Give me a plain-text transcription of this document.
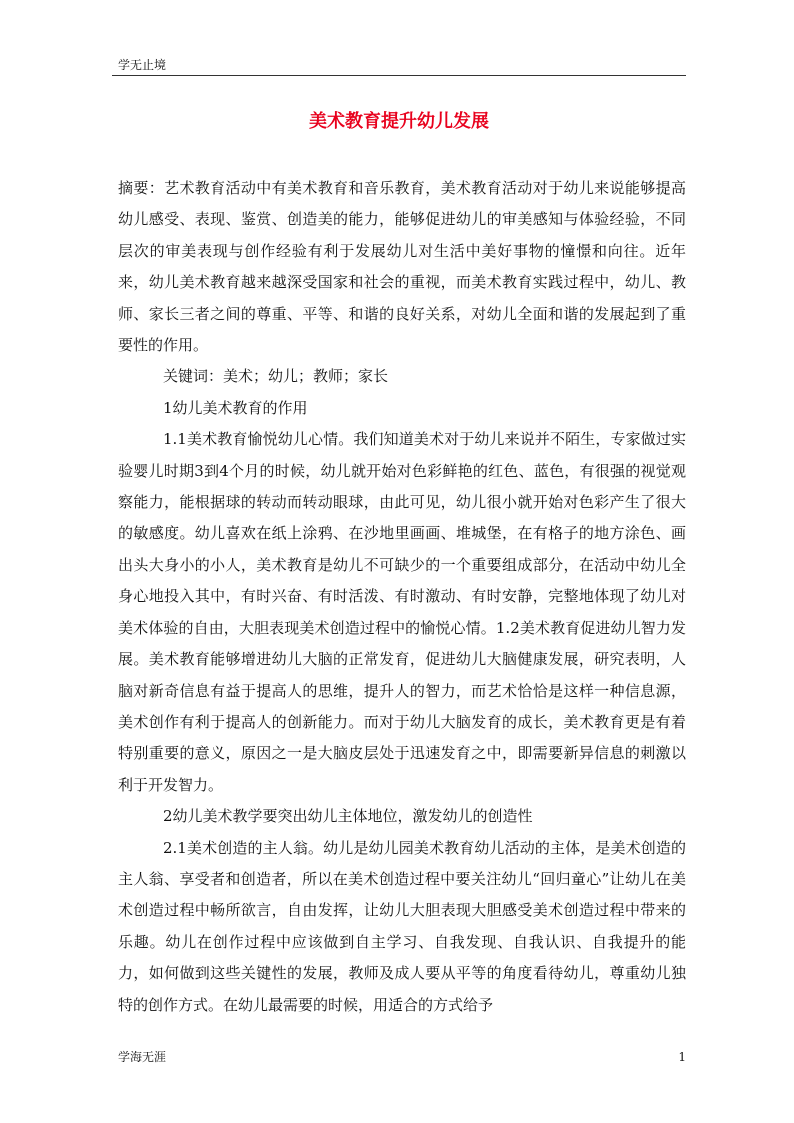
学无止境
美术教育提升幼儿发展

摘要：艺术教育活动中有美术教育和音乐教育，美术教育活动对于幼儿来说能够提高幼儿感受、表现、鉴赏、创造美的能力，能够促进幼儿的审美感知与体验经验，不同层次的审美表现与创作经验有利于发展幼儿对生活中美好事物的憧憬和向往。近年来，幼儿美术教育越来越深受国家和社会的重视，而美术教育实践过程中，幼儿、教师、家长三者之间的尊重、平等、和谐的良好关系，对幼儿全面和谐的发展起到了重要性的作用。

关键词：美术；幼儿；教师；家长

1幼儿美术教育的作用

1.1美术教育愉悦幼儿心情。我们知道美术对于幼儿来说并不陌生，专家做过实验婴儿时期3到4个月的时候，幼儿就开始对色彩鲜艳的红色、蓝色，有很强的视觉观察能力，能根据球的转动而转动眼球，由此可见，幼儿很小就开始对色彩产生了很大的敏感度。幼儿喜欢在纸上涂鸦、在沙地里画画、堆城堡，在有格子的地方涂色、画出头大身小的小人，美术教育是幼儿不可缺少的一个重要组成部分，在活动中幼儿全身心地投入其中，有时兴奋、有时活泼、有时激动、有时安静，完整地体现了幼儿对美术体验的自由，大胆表现美术创造过程中的愉悦心情。1.2美术教育促进幼儿智力发展。美术教育能够增进幼儿大脑的正常发育，促进幼儿大脑健康发展，研究表明，人脑对新奇信息有益于提高人的思维，提升人的智力，而艺术恰恰是这样一种信息源，美术创作有利于提高人的创新能力。而对于幼儿大脑发育的成长，美术教育更是有着特别重要的意义，原因之一是大脑皮层处于迅速发育之中，即需要新异信息的刺激以利于开发智力。

2幼儿美术教学要突出幼儿主体地位，激发幼儿的创造性

2.1美术创造的主人翁。幼儿是幼儿园美术教育幼儿活动的主体，是美术创造的主人翁、享受者和创造者，所以在美术创造过程中要关注幼儿“回归童心”让幼儿在美术创造过程中畅所欲言，自由发挥，让幼儿大胆表现大胆感受美术创造过程中带来的乐趣。幼儿在创作过程中应该做到自主学习、自我发现、自我认识、自我提升的能力，如何做到这些关键性的发展，教师及成人要从平等的角度看待幼儿，尊重幼儿独特的创作方式。在幼儿最需要的时候，用适合的方式给予

学海无涯	1
